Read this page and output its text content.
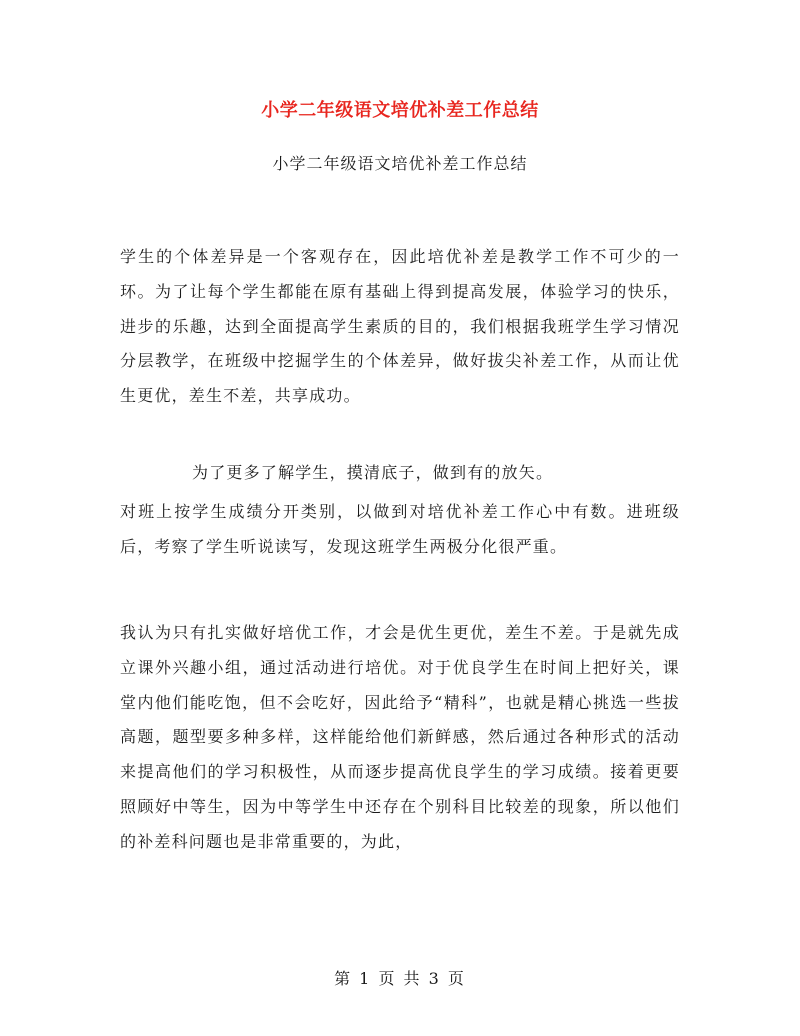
小学二年级语文培优补差工作总结
小学二年级语文培优补差工作总结

学生的个体差异是一个客观存在，因此培优补差是教学工作不可少的一环。为了让每个学生都能在原有基础上得到提高发展，体验学习的快乐，进步的乐趣，达到全面提高学生素质的目的，我们根据我班学生学习情况分层教学，在班级中挖掘学生的个体差异，做好拔尖补差工作，从而让优生更优，差生不差，共享成功。

为了更多了解学生，摸清底子，做到有的放矢。
对班上按学生成绩分开类别，以做到对培优补差工作心中有数。进班级后，考察了学生听说读写，发现这班学生两极分化很严重。

我认为只有扎实做好培优工作，才会是优生更优，差生不差。于是就先成立课外兴趣小组，通过活动进行培优。对于优良学生在时间上把好关，课堂内他们能吃饱，但不会吃好，因此给予“精科”，也就是精心挑选一些拔高题，题型要多种多样，这样能给他们新鲜感，然后通过各种形式的活动来提高他们的学习积极性，从而逐步提高优良学生的学习成绩。接着更要照顾好中等生，因为中等学生中还存在个别科目比较差的现象，所以他们的补差科问题也是非常重要的，为此，

第 1 页 共 3 页
